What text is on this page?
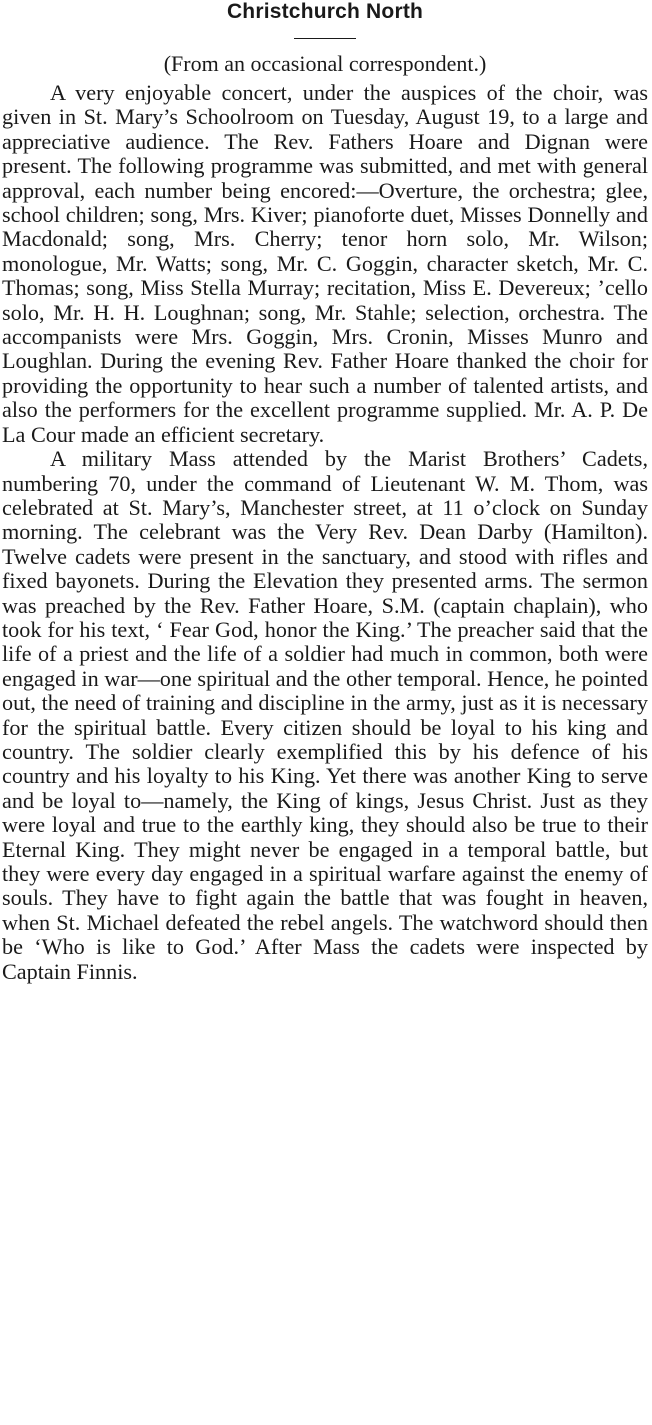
Christchurch North

(From an occasional correspondent.)

A very enjoyable concert, under the auspices of the choir, was given in St. Mary’s Schoolroom on Tuesday, August 19, to a large and appreciative audience. The Rev. Fathers Hoare and Dignan were present. The following programme was submitted, and met with general approval, each number being encored:—Overture, the orchestra; glee, school children; song, Mrs. Kiver; pianoforte duet, Misses Donnelly and Macdonald; song, Mrs. Cherry; tenor horn solo, Mr. Wilson; monologue, Mr. Watts; song, Mr. C. Goggin, character sketch, Mr. C. Thomas; song, Miss Stella Murray; recitation, Miss E. Devereux; ’cello solo, Mr. H. H. Loughnan; song, Mr. Stahle; selection, orchestra. The accompanists were Mrs. Goggin, Mrs. Cronin, Misses Munro and Loughlan. During the evening Rev. Father Hoare thanked the choir for providing the opportunity to hear such a number of talented artists, and also the performers for the excellent programme supplied. Mr. A. P. De La Cour made an efficient secretary.

A military Mass attended by the Marist Brothers’ Cadets, numbering 70, under the command of Lieutenant W. M. Thom, was celebrated at St. Mary’s, Manchester street, at 11 o’clock on Sunday morning. The celebrant was the Very Rev. Dean Darby (Hamilton). Twelve cadets were present in the sanctuary, and stood with rifles and fixed bayonets. During the Elevation they presented arms. The sermon was preached by the Rev. Father Hoare, S.M. (captain chaplain), who took for his text, ‘ Fear God, honor the King.’ The preacher said that the life of a priest and the life of a soldier had much in common, both were engaged in war—one spiritual and the other temporal. Hence, he pointed out, the need of training and discipline in the army, just as it is necessary for the spiritual battle. Every citizen should be loyal to his king and country. The soldier clearly exemplified this by his defence of his country and his loyalty to his King. Yet there was another King to serve and be loyal to—namely, the King of kings, Jesus Christ. Just as they were loyal and true to the earthly king, they should also be true to their Eternal King. They might never be engaged in a temporal battle, but they were every day engaged in a spiritual warfare against the enemy of souls. They have to fight again the battle that was fought in heaven, when St. Michael defeated the rebel angels. The watchword should then be ‘Who is like to God.’ After Mass the cadets were inspected by Captain Finnis.
